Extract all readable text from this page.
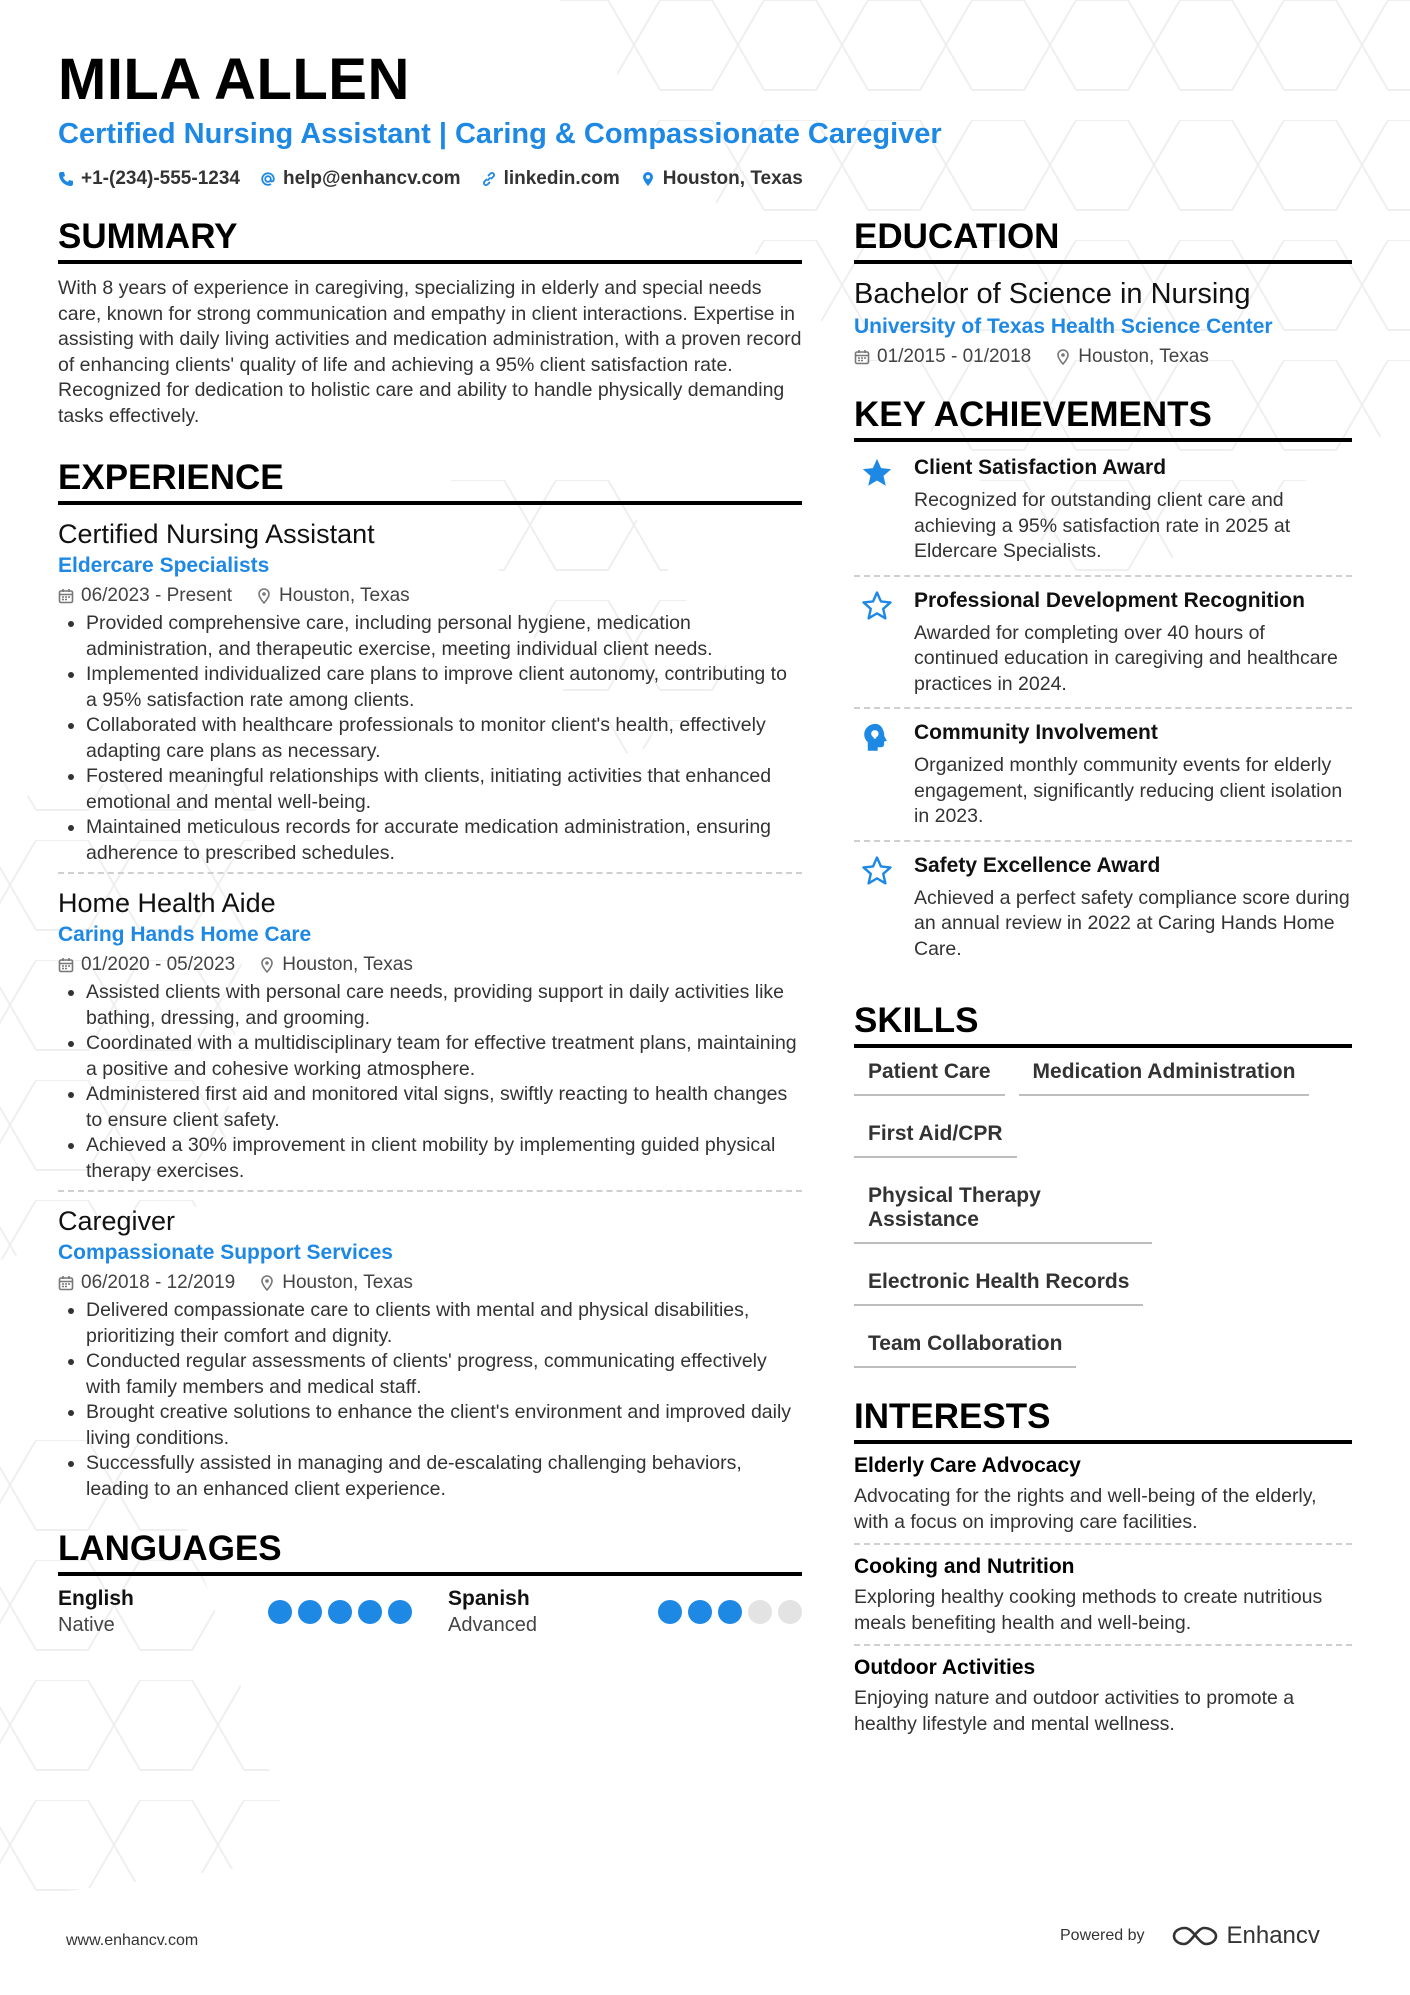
MILA ALLEN
Certified Nursing Assistant | Caring & Compassionate Caregiver
+1-(234)-555-1234 help@enhancv.com linkedin.com Houston, Texas
SUMMARY
With 8 years of experience in caregiving, specializing in elderly and special needs care, known for strong communication and empathy in client interactions. Expertise in assisting with daily living activities and medication administration, with a proven record of enhancing clients' quality of life and achieving a 95% client satisfaction rate. Recognized for dedication to holistic care and ability to handle physically demanding tasks effectively.
EXPERIENCE
Certified Nursing Assistant
Eldercare Specialists
06/2023 - Present Houston, Texas
• Provided comprehensive care, including personal hygiene, medication administration, and therapeutic exercise, meeting individual client needs.
• Implemented individualized care plans to improve client autonomy, contributing to a 95% satisfaction rate among clients.
• Collaborated with healthcare professionals to monitor client's health, effectively adapting care plans as necessary.
• Fostered meaningful relationships with clients, initiating activities that enhanced emotional and mental well-being.
• Maintained meticulous records for accurate medication administration, ensuring adherence to prescribed schedules.
Home Health Aide
Caring Hands Home Care
01/2020 - 05/2023 Houston, Texas
• Assisted clients with personal care needs, providing support in daily activities like bathing, dressing, and grooming.
• Coordinated with a multidisciplinary team for effective treatment plans, maintaining a positive and cohesive working atmosphere.
• Administered first aid and monitored vital signs, swiftly reacting to health changes to ensure client safety.
• Achieved a 30% improvement in client mobility by implementing guided physical therapy exercises.
Caregiver
Compassionate Support Services
06/2018 - 12/2019 Houston, Texas
• Delivered compassionate care to clients with mental and physical disabilities, prioritizing their comfort and dignity.
• Conducted regular assessments of clients' progress, communicating effectively with family members and medical staff.
• Brought creative solutions to enhance the client's environment and improved daily living conditions.
• Successfully assisted in managing and de-escalating challenging behaviors, leading to an enhanced client experience.
LANGUAGES
English
Native
Spanish
Advanced
EDUCATION
Bachelor of Science in Nursing
University of Texas Health Science Center
01/2015 - 01/2018 Houston, Texas
KEY ACHIEVEMENTS
Client Satisfaction Award
Recognized for outstanding client care and achieving a 95% satisfaction rate in 2025 at Eldercare Specialists.
Professional Development Recognition
Awarded for completing over 40 hours of continued education in caregiving and healthcare practices in 2024.
Community Involvement
Organized monthly community events for elderly engagement, significantly reducing client isolation in 2023.
Safety Excellence Award
Achieved a perfect safety compliance score during an annual review in 2022 at Caring Hands Home Care.
SKILLS
Patient Care	Medication Administration
First Aid/CPR
Physical Therapy Assistance
Electronic Health Records
Team Collaboration
INTERESTS
Elderly Care Advocacy
Advocating for the rights and well-being of the elderly, with a focus on improving care facilities.
Cooking and Nutrition
Exploring healthy cooking methods to create nutritious meals benefiting health and well-being.
Outdoor Activities
Enjoying nature and outdoor activities to promote a healthy lifestyle and mental wellness.
www.enhancv.com	Powered by	Enhancv
